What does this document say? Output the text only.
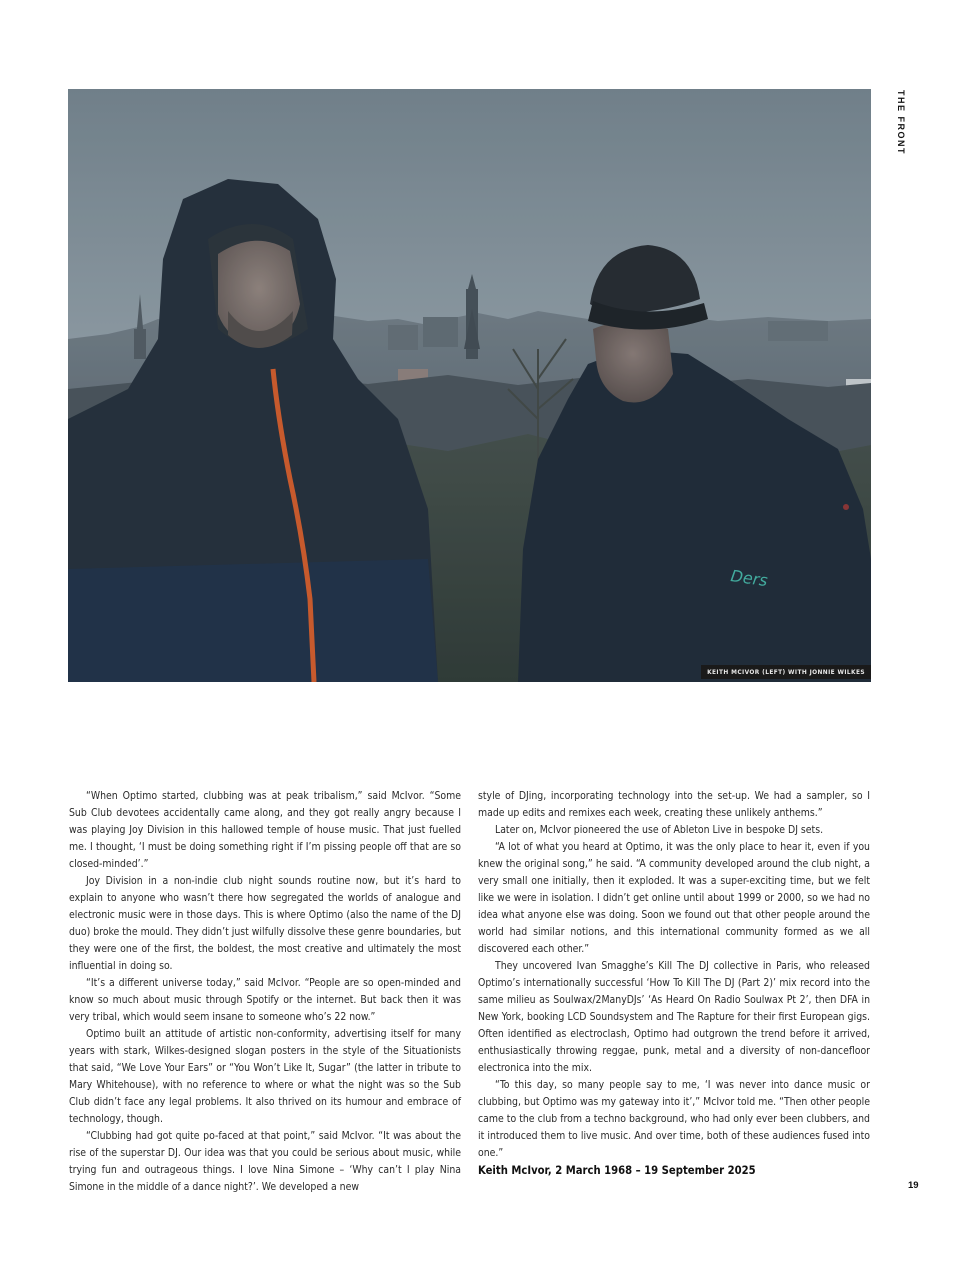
THE FRONT
Ders
KEITH MCIVOR (LEFT) WITH JONNIE WILKES

“When Optimo started, clubbing was at peak tribalism,” said McIvor. “Some Sub Club devotees accidentally came along, and they got really angry because I was playing Joy Division in this hallowed temple of house music. That just fuelled me. I thought, ‘I must be doing something right if I’m pissing people off that are so closed-minded’.”

Joy Division in a non-indie club night sounds routine now, but it’s hard to explain to anyone who wasn’t there how segregated the worlds of analogue and electronic music were in those days. This is where Optimo (also the name of the DJ duo) broke the mould. They didn’t just wilfully dissolve these genre boundaries, but they were one of the first, the boldest, the most creative and ultimately the most influential in doing so.

“It’s a different universe today,” said McIvor. “People are so open-minded and know so much about music through Spotify or the internet. But back then it was very tribal, which would seem insane to someone who’s 22 now.”

Optimo built an attitude of artistic non-conformity, advertising itself for many years with stark, Wilkes-designed slogan posters in the style of the Situationists that said, “We Love Your Ears” or “You Won’t Like It, Sugar” (the latter in tribute to Mary Whitehouse), with no reference to where or what the night was so the Sub Club didn’t face any legal problems. It also thrived on its humour and embrace of technology, though.

“Clubbing had got quite po-faced at that point,” said McIvor. “It was about the rise of the superstar DJ. Our idea was that you could be serious about music, while trying fun and outrageous things. I love Nina Simone – ‘Why can’t I play Nina Simone in the middle of a dance night?’. We developed a new

style of DJing, incorporating technology into the set-up. We had a sampler, so I made up edits and remixes each week, creating these unlikely anthems.”

Later on, McIvor pioneered the use of Ableton Live in bespoke DJ sets.

“A lot of what you heard at Optimo, it was the only place to hear it, even if you knew the original song,” he said. “A community developed around the club night, a very small one initially, then it exploded. It was a super-exciting time, but we felt like we were in isolation. I didn’t get online until about 1999 or 2000, so we had no idea what anyone else was doing. Soon we found out that other people around the world had similar notions, and this international community formed as we all discovered each other.”

They uncovered Ivan Smagghe’s Kill The DJ collective in Paris, who released Optimo’s internationally successful ‘How To Kill The DJ (Part 2)’ mix record into the same milieu as Soulwax/2ManyDJs’ ‘As Heard On Radio Soulwax Pt 2’, then DFA in New York, booking LCD Soundsystem and The Rapture for their first European gigs. Often identified as electroclash, Optimo had outgrown the trend before it arrived, enthusiastically throwing reggae, punk, metal and a diversity of non-dancefloor electronica into the mix.

“To this day, so many people say to me, ‘I was never into dance music or clubbing, but Optimo was my gateway into it’,” McIvor told me. “Then other people came to the club from a techno background, who had only ever been clubbers, and it introduced them to live music. And over time, both of these audiences fused into one.”

Keith McIvor, 2 March 1968 – 19 September 2025

19
